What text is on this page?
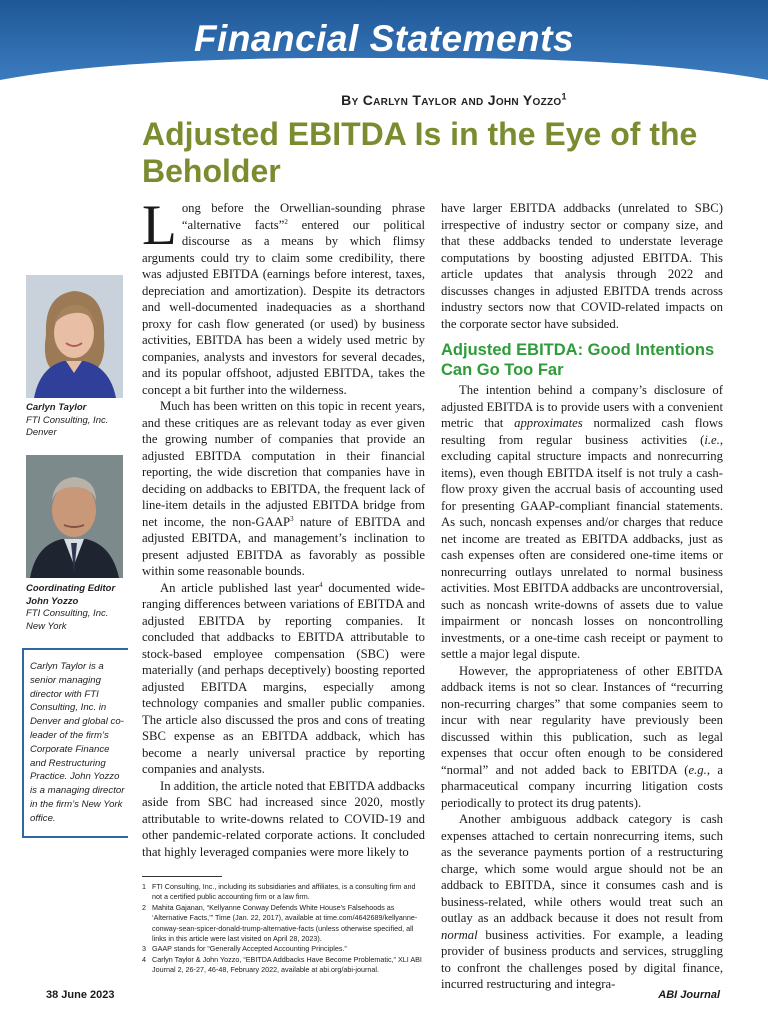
Financial Statements
By Carlyn Taylor and John Yozzo$^1$
Adjusted EBITDA Is in the Eye of the Beholder
Carlyn Taylor
FTI Consulting, Inc.
Denver
Coordinating Editor
John Yozzo
FTI Consulting, Inc.
New York
Carlyn Taylor is a senior managing director with FTI Consulting, Inc. in Denver and global co-leader of the firm’s Corporate Finance and Restructuring Practice. John Yozzo is a managing director in the firm’s New York office.

Long before the Orwellian-sounding phrase “alternative facts”$^2$ entered our political discourse as a means by which flimsy arguments could try to claim some credibility, there was adjusted EBITDA (earnings before interest, taxes, depreciation and amortization). Despite its detractors and well-documented inadequacies as a shorthand proxy for cash flow generated (or used) by business activities, EBITDA has been a widely used metric by companies, analysts and investors for several decades, and its popular offshoot, adjusted EBITDA, takes the concept a bit further into the wilderness.

Much has been written on this topic in recent years, and these critiques are as relevant today as ever given the growing number of companies that provide an adjusted EBITDA computation in their financial reporting, the wide discretion that companies have in deciding on addbacks to EBITDA, the frequent lack of line-item details in the adjusted EBITDA bridge from net income, the non-GAAP$^3$ nature of EBITDA and adjusted EBITDA, and management’s inclination to present adjusted EBITDA as favorably as possible within some reasonable bounds.

An article published last year$^4$ documented wide-ranging differences between variations of EBITDA and adjusted EBITDA by reporting companies. It concluded that addbacks to EBITDA attributable to stock-based employee compensation (SBC) were materially (and perhaps deceptively) boosting reported adjusted EBITDA margins, especially among technology companies and smaller public companies. The article also discussed the pros and cons of treating SBC expense as an EBITDA addback, which has become a nearly universal practice by reporting companies and analysts.

In addition, the article noted that EBITDA addbacks aside from SBC had increased since 2020, mostly attributable to write-downs related to COVID-19 and other pandemic-related corporate actions. It concluded that highly leveraged companies were more likely to

have larger EBITDA addbacks (unrelated to SBC) irrespective of industry sector or company size, and that these addbacks tended to understate leverage computations by boosting adjusted EBITDA. This article updates that analysis through 2022 and discusses changes in adjusted EBITDA trends across industry sectors now that COVID-related impacts on the corporate sector have subsided.

Adjusted EBITDA: Good Intentions Can Go Too Far

The intention behind a company’s disclosure of adjusted EBITDA is to provide users with a convenient metric that approximates normalized cash flows resulting from regular business activities (i.e., excluding capital structure impacts and nonrecurring items), even though EBITDA itself is not truly a cash-flow proxy given the accrual basis of accounting used for presenting GAAP-compliant financial statements. As such, noncash expenses and/or charges that reduce net income are treated as EBITDA addbacks, just as cash expenses often are considered one-time items or nonrecurring outlays unrelated to normal business activities. Most EBITDA addbacks are uncontroversial, such as noncash write-downs of assets due to value impairment or noncash losses on noncontrolling investments, or a one-time cash receipt or payment to settle a major legal dispute.

However, the appropriateness of other EBITDA addback items is not so clear. Instances of “recurring non-recurring charges” that some companies seem to incur with near regularity have previously been discussed within this publication, such as legal expenses that occur often enough to be considered “normal” and not added back to EBITDA (e.g., a pharmaceutical company incurring litigation costs periodically to protect its drug patents).

Another ambiguous addback category is cash expenses attached to certain nonrecurring items, such as the severance payments portion of a restructuring charge, which some would argue should not be an addback to EBITDA, since it consumes cash and is business-related, while others would treat such an outlay as an addback because it does not result from normal business activities. For example, a leading provider of business products and services, struggling to confront the challenges posed by digital finance, incurred restructuring and integra-

1 FTI Consulting, Inc., including its subsidiaries and affiliates, is a consulting firm and not a certified public accounting firm or a law firm.
2 Mahita Gajanan, “Kellyanne Conway Defends White House’s Falsehoods as ‘Alternative Facts,’” Time (Jan. 22, 2017), available at time.com/4642689/kellyanne-conway-sean-spicer-donald-trump-alternative-facts (unless otherwise specified, all links in this article were last visited on April 28, 2023).
3 GAAP stands for “Generally Accepted Accounting Principles.”
4 Carlyn Taylor & John Yozzo, “EBITDA Addbacks Have Become Problematic,” XLI ABI Journal 2, 26-27, 46-48, February 2022, available at abi.org/abi-journal.
38 June 2023	ABI Journal
